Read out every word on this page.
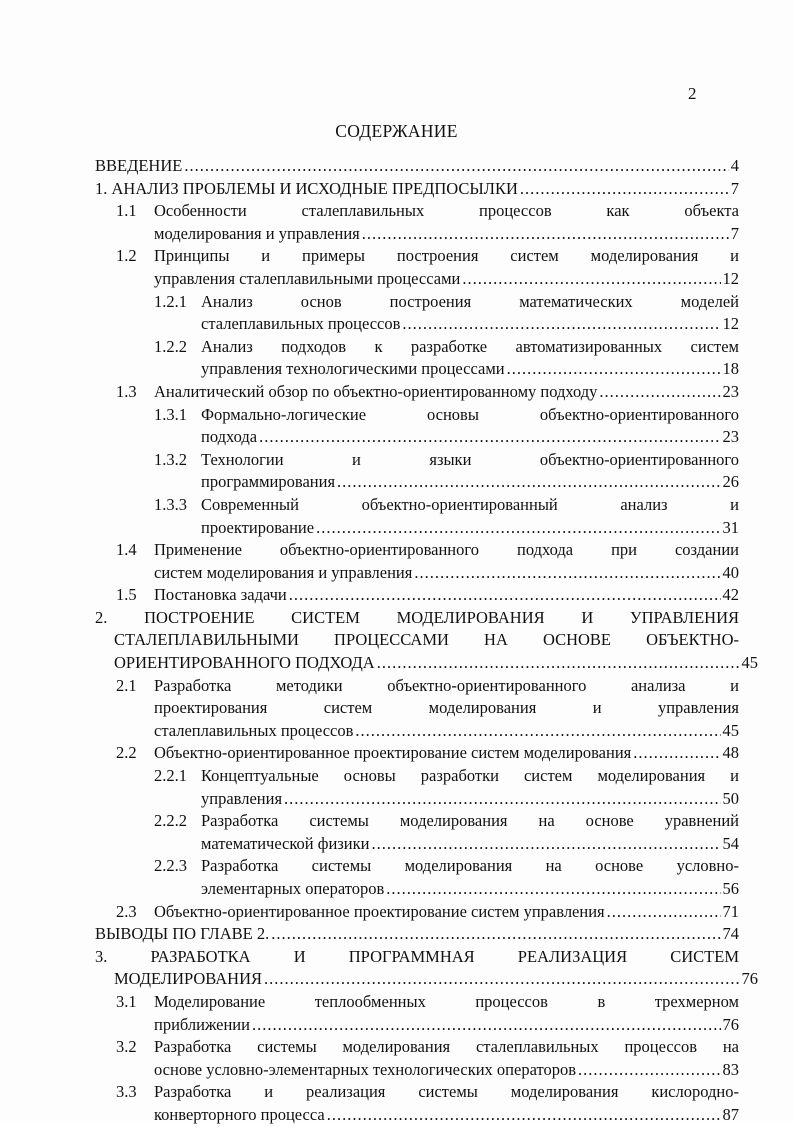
2
СОДЕРЖАНИЕ
ВВЕДЕНИЕ .....	4
1. АНАЛИЗ ПРОБЛЕМЫ И ИСХОДНЫЕ ПРЕДПОСЫЛКИ .....	7
1.1 Особенности сталеплавильных процессов как объекта
моделирования и управления .....	7
1.2 Принципы и примеры построения систем моделирования и
управления сталеплавильными процессами .....	12
1.2.1 Анализ основ построения математических моделей
сталеплавильных процессов .....	12
1.2.2 Анализ подходов к разработке автоматизированных систем
управления технологическими процессами .....	18
1.3 Аналитический обзор по объектно-ориентированному подходу .....	23
1.3.1 Формально-логические основы объектно-ориентированного
подхода .....	23
1.3.2 Технологии и языки объектно-ориентированного
программирования .....	26
1.3.3 Современный объектно-ориентированный анализ и
проектирование .....	31
1.4 Применение объектно-ориентированного подхода при создании
систем моделирования и управления .....	40
1.5 Постановка задачи .....	42
2. ПОСТРОЕНИЕ СИСТЕМ МОДЕЛИРОВАНИЯ И УПРАВЛЕНИЯ
СТАЛЕПЛАВИЛЬНЫМИ ПРОЦЕССАМИ НА ОСНОВЕ ОБЪЕКТНО-
ОРИЕНТИРОВАННОГО ПОДХОДА .....	45
2.1 Разработка методики объектно-ориентированного анализа и
проектирования систем моделирования и управления
сталеплавильных процессов .....	45
2.2 Объектно-ориентированное проектирование систем моделирования .....	48
2.2.1 Концептуальные основы разработки систем моделирования и
управления .....	50
2.2.2 Разработка системы моделирования на основе уравнений
математической физики .....	54
2.2.3 Разработка системы моделирования на основе условно-
элементарных операторов .....	56
2.3 Объектно-ориентированное проектирование систем управления .....	71
ВЫВОДЫ ПО ГЛАВЕ 2. .....	74
3. РАЗРАБОТКА И ПРОГРАММНАЯ РЕАЛИЗАЦИЯ СИСТЕМ
МОДЕЛИРОВАНИЯ .....	76
3.1 Моделирование теплообменных процессов в трехмерном
приближении .....	76
3.2 Разработка системы моделирования сталеплавильных процессов на
основе условно-элементарных технологических операторов .....	83
3.3 Разработка и реализация системы моделирования кислородно-
конверторного процесса .....	87
